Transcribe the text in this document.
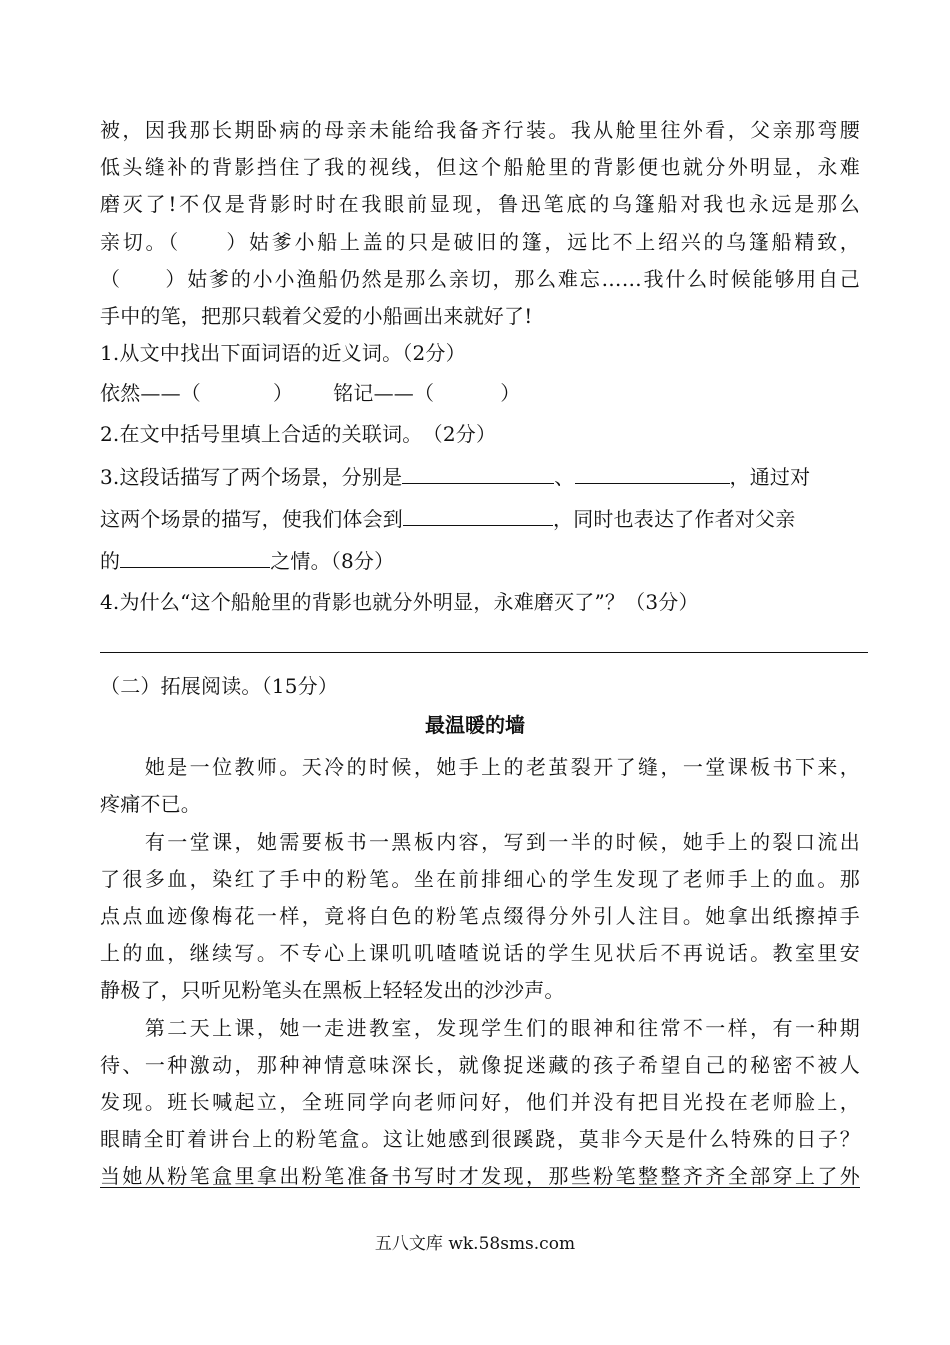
被，因我那长期卧病的母亲未能给我备齐行装。我从舱里往外看，父亲那弯腰
低头缝补的背影挡住了我的视线，但这个船舱里的背影便也就分外明显，永难
磨灭了!不仅是背影时时在我眼前显现，鲁迅笔底的乌篷船对我也永远是那么
亲切。（　　）姑爹小船上盖的只是破旧的篷，远比不上绍兴的乌篷船精致，
（　　）姑爹的小小渔船仍然是那么亲切，那么难忘……我什么时候能够用自己
手中的笔，把那只载着父爱的小船画出来就好了!
1.从文中找出下面词语的近义词。（2分）
依然——（	） 铭记——（	）
2.在文中括号里填上合适的关联词。　（2分）
3.这段话描写了两个场景，分别是	、	，通过对
这两个场景的描写，使我们体会到	，同时也表达了作者对父亲
的	之情。（8分）
4.为什么“这个船舱里的背影也就分外明显，永难磨灭了”？（3分）
（二）拓展阅读。（15分）
最温暖的墙
　　她是一位教师。天冷的时候，她手上的老茧裂开了缝，一堂课板书下来，
疼痛不已。
　　有一堂课，她需要板书一黑板内容，写到一半的时候，她手上的裂口流出
了很多血，染红了手中的粉笔。坐在前排细心的学生发现了老师手上的血。那
点点血迹像梅花一样，竟将白色的粉笔点缀得分外引人注目。她拿出纸擦掉手
上的血，继续写。不专心上课叽叽喳喳说话的学生见状后不再说话。教室里安
静极了，只听见粉笔头在黑板上轻轻发出的沙沙声。
　　第二天上课，她一走进教室，发现学生们的眼神和往常不一样，有一种期
待、一种激动，那种神情意味深长，就像捉迷藏的孩子希望自己的秘密不被人
发现。班长喊起立，全班同学向老师问好，他们并没有把目光投在老师脸上，
眼睛全盯着讲台上的粉笔盒。这让她感到很蹊跷，莫非今天是什么特殊的日子？
当她从粉笔盒里拿出粉笔准备书写时才发现，那些粉笔整整齐齐全部穿上了外
五八文库 wk.58sms.com
